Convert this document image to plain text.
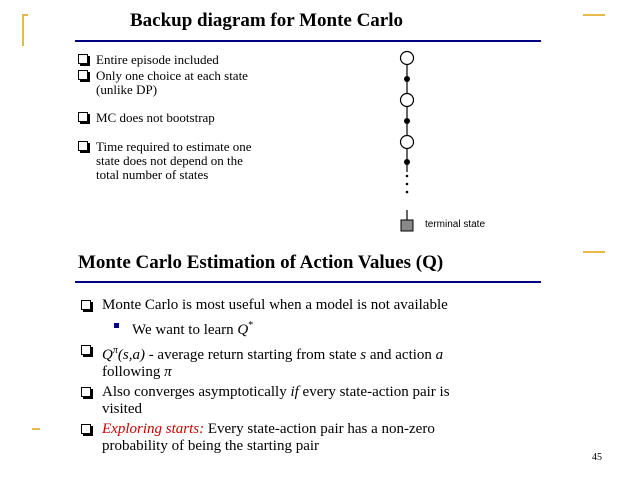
Backup diagram for Monte Carlo
Entire episode included
Only one choice at each state
(unlike DP)
MC does not bootstrap
Time required to estimate one
state does not depend on the
total number of states
terminal state
Monte Carlo Estimation of Action Values (Q)
Monte Carlo is most useful when a model is not available
We want to learn Q*
$Q^\pi(s,a)$ - average return starting from state s and action a
following π
Also converges asymptotically if every state-action pair is
visited
Exploring starts: Every state-action pair has a non-zero
probability of being the starting pair
45
